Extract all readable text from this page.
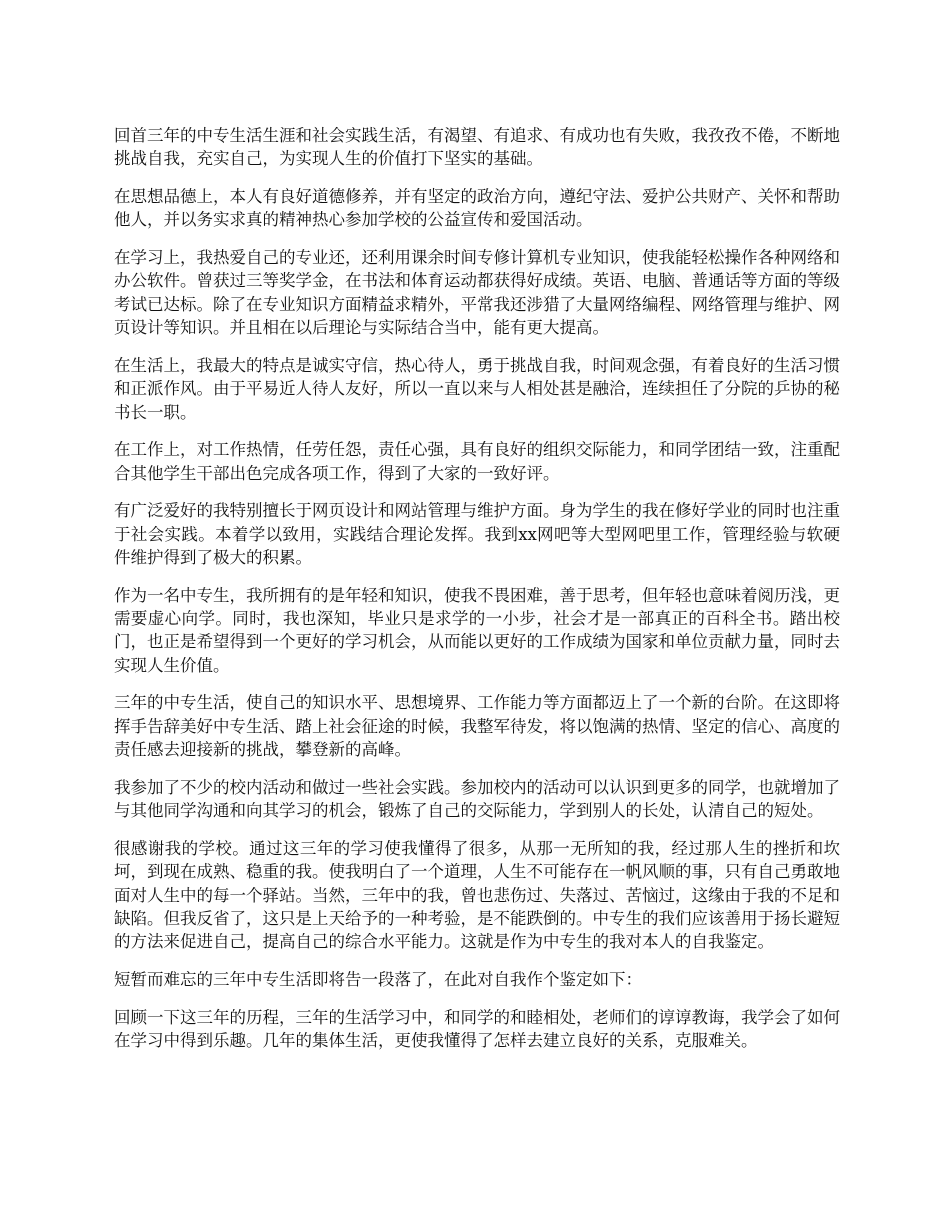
回首三年的中专生活生涯和社会实践生活，有渴望、有追求、有成功也有失败，我孜孜不倦，不断地挑战自我，充实自己，为实现人生的价值打下坚实的基础。

在思想品德上，本人有良好道德修养，并有坚定的政治方向，遵纪守法、爱护公共财产、关怀和帮助他人，并以务实求真的精神热心参加学校的公益宣传和爱国活动。

在学习上，我热爱自己的专业还，还利用课余时间专修计算机专业知识，使我能轻松操作各种网络和办公软件。曾获过三等奖学金，在书法和体育运动都获得好成绩。英语、电脑、普通话等方面的等级考试已达标。除了在专业知识方面精益求精外，平常我还涉猎了大量网络编程、网络管理与维护、网页设计等知识。并且相在以后理论与实际结合当中，能有更大提高。

在生活上，我最大的特点是诚实守信，热心待人，勇于挑战自我，时间观念强，有着良好的生活习惯和正派作风。由于平易近人待人友好，所以一直以来与人相处甚是融洽，连续担任了分院的乒协的秘书长一职。

在工作上，对工作热情，任劳任怨，责任心强，具有良好的组织交际能力，和同学团结一致，注重配合其他学生干部出色完成各项工作，得到了大家的一致好评。

有广泛爱好的我特别擅长于网页设计和网站管理与维护方面。身为学生的我在修好学业的同时也注重于社会实践。本着学以致用，实践结合理论发挥。我到xx网吧等大型网吧里工作，管理经验与软硬件维护得到了极大的积累。

作为一名中专生，我所拥有的是年轻和知识，使我不畏困难，善于思考，但年轻也意味着阅历浅，更需要虚心向学。同时，我也深知，毕业只是求学的一小步，社会才是一部真正的百科全书。踏出校门，也正是希望得到一个更好的学习机会，从而能以更好的工作成绩为国家和单位贡献力量，同时去实现人生价值。

三年的中专生活，使自己的知识水平、思想境界、工作能力等方面都迈上了一个新的台阶。在这即将挥手告辞美好中专生活、踏上社会征途的时候，我整军待发，将以饱满的热情、坚定的信心、高度的责任感去迎接新的挑战，攀登新的高峰。

我参加了不少的校内活动和做过一些社会实践。参加校内的活动可以认识到更多的同学，也就增加了与其他同学沟通和向其学习的机会，锻炼了自己的交际能力，学到别人的长处，认清自己的短处。

很感谢我的学校。通过这三年的学习使我懂得了很多，从那一无所知的我，经过那人生的挫折和坎坷，到现在成熟、稳重的我。使我明白了一个道理，人生不可能存在一帆风顺的事，只有自己勇敢地面对人生中的每一个驿站。当然，三年中的我，曾也悲伤过、失落过、苦恼过，这缘由于我的不足和缺陷。但我反省了，这只是上天给予的一种考验，是不能跌倒的。中专生的我们应该善用于扬长避短的方法来促进自己，提高自己的综合水平能力。这就是作为中专生的我对本人的自我鉴定。

短暂而难忘的三年中专生活即将告一段落了，在此对自我作个鉴定如下：

回顾一下这三年的历程，三年的生活学习中，和同学的和睦相处，老师们的谆谆教诲，我学会了如何在学习中得到乐趣。几年的集体生活，更使我懂得了怎样去建立良好的关系，克服难关。
